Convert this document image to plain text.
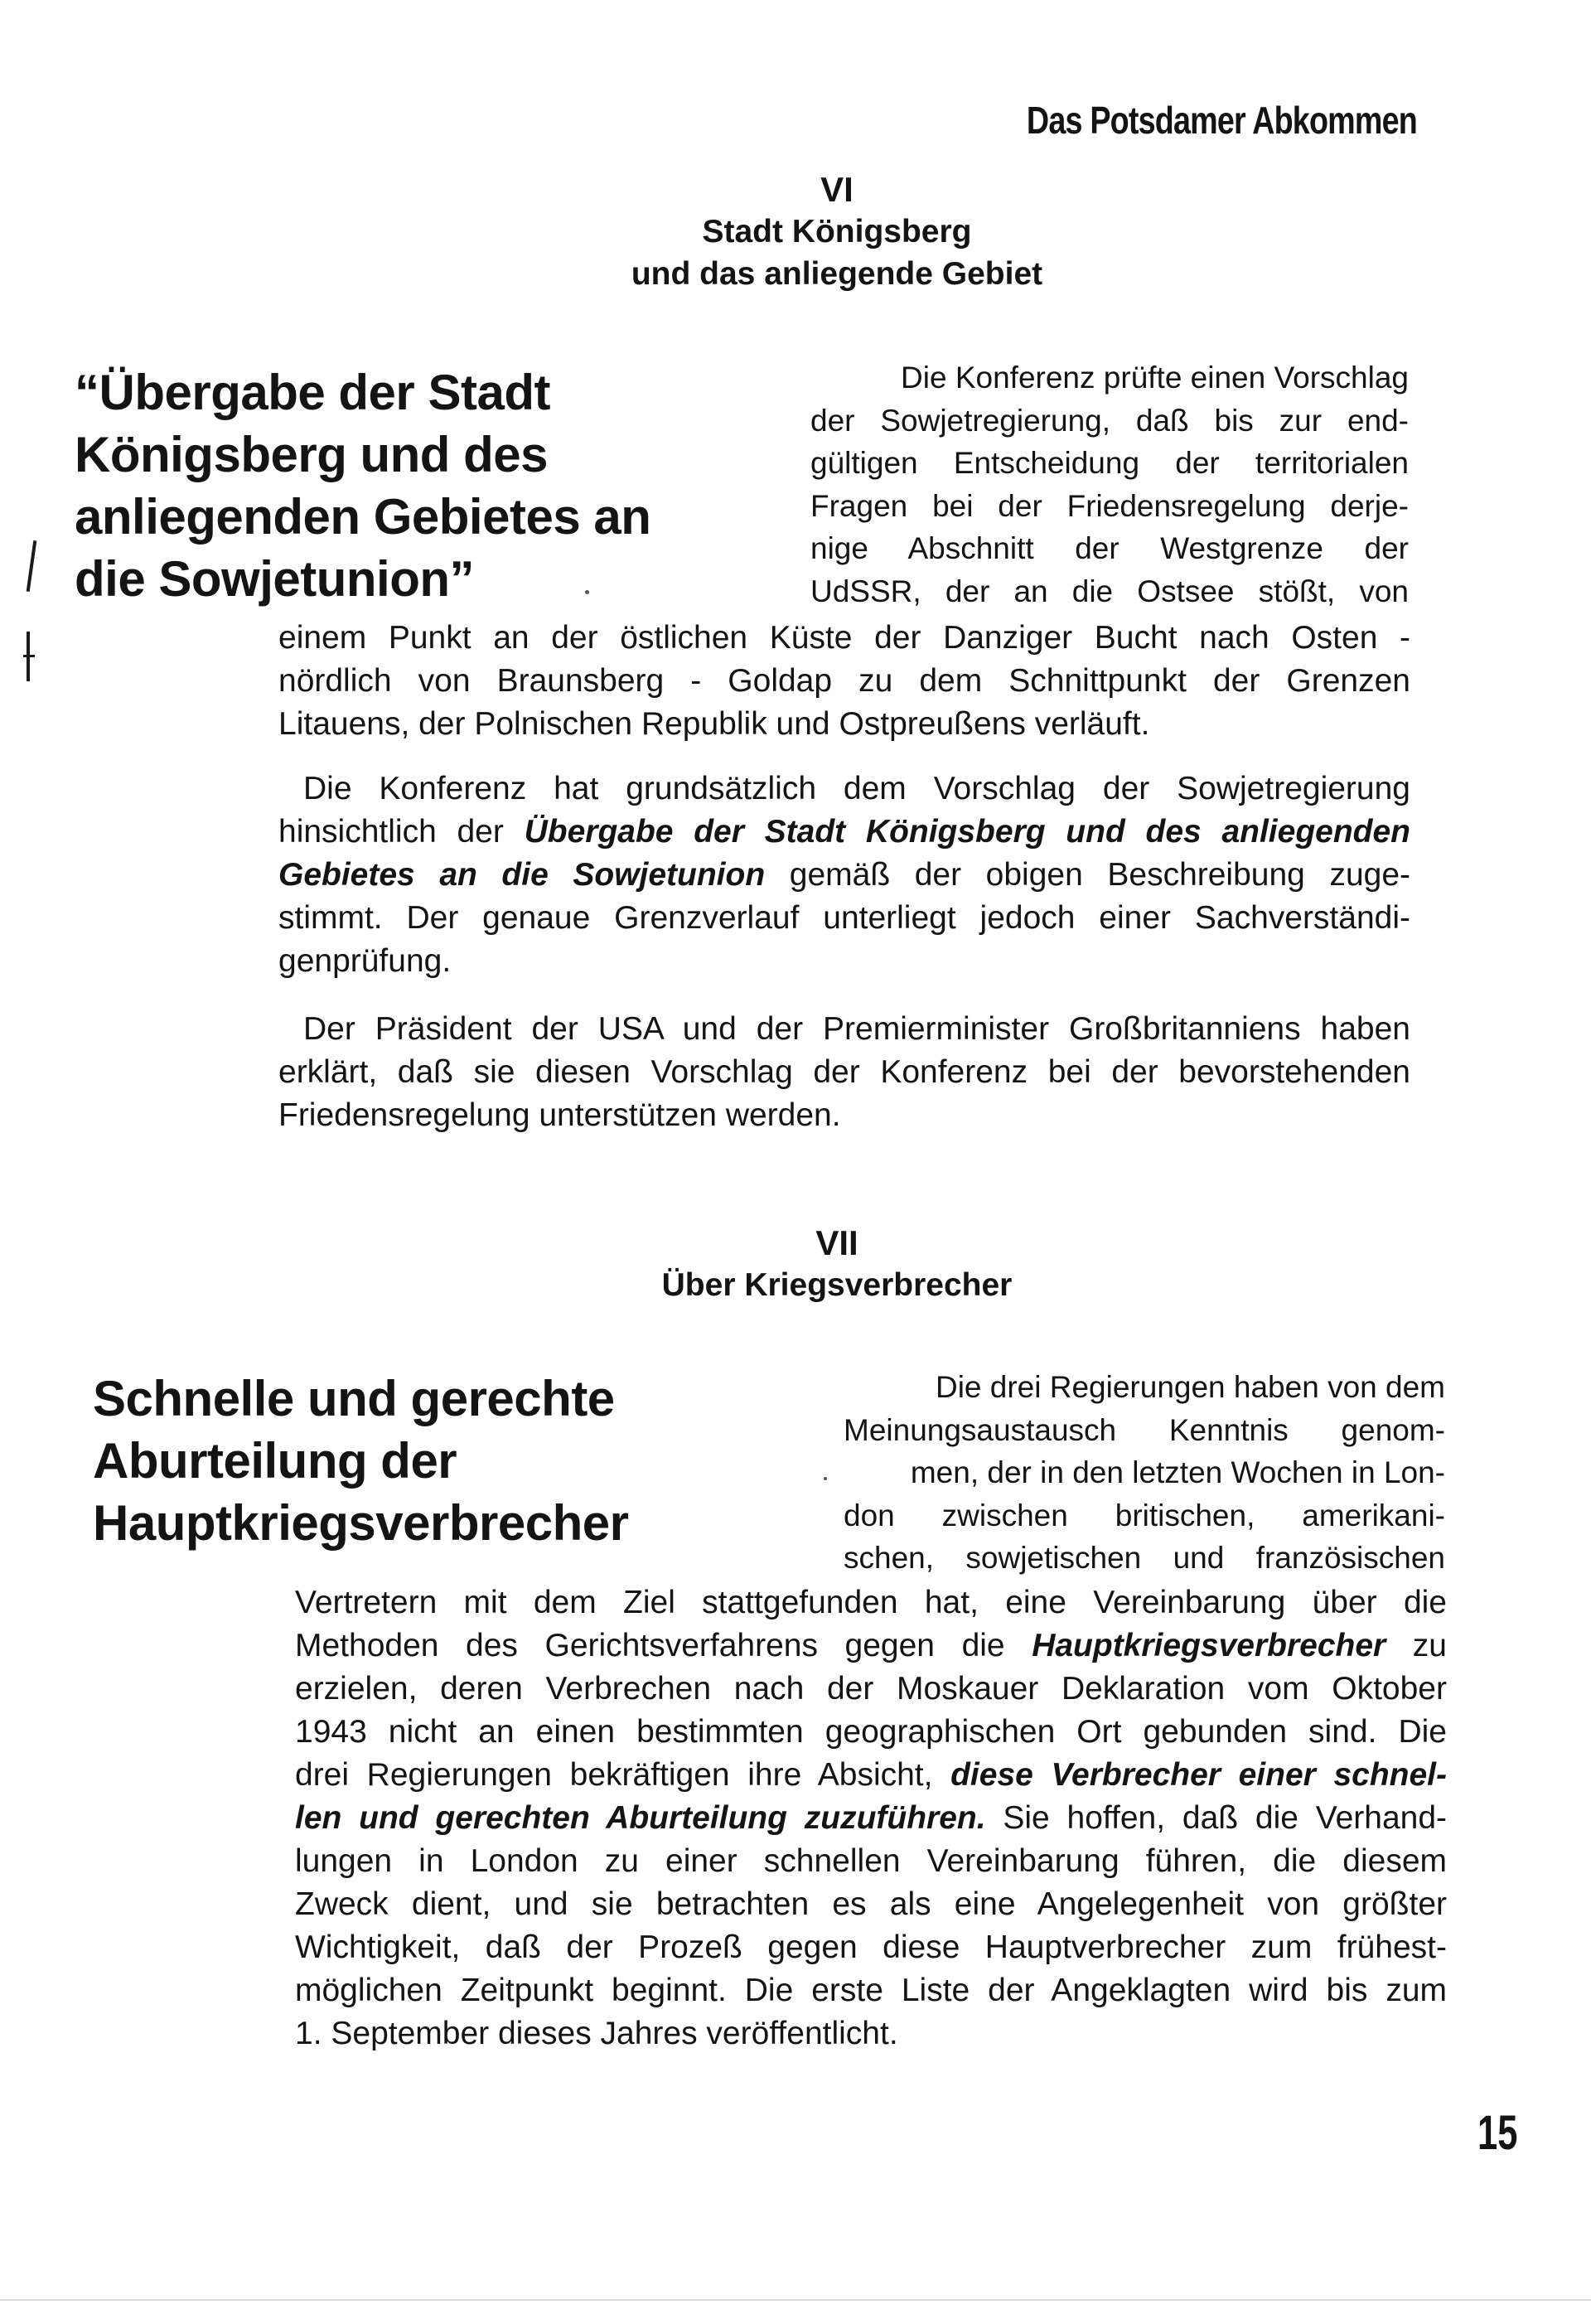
Das Potsdamer Abkommen
VI
Stadt Königsberg
und das anliegende Gebiet
“Übergabe der Stadt
Königsberg und des
anliegenden Gebietes an
die Sowjetunion”
Die Konferenz prüfte einen Vorschlag
der Sowjetregierung, daß bis zur end-
gültigen Entscheidung der territorialen
Fragen bei der Friedensregelung derje-
nige Abschnitt der Westgrenze der
UdSSR, der an die Ostsee stößt, von
einem Punkt an der östlichen Küste der Danziger Bucht nach Osten -
nördlich von Braunsberg - Goldap zu dem Schnittpunkt der Grenzen
Litauens, der Polnischen Republik und Ostpreußens verläuft.
Die Konferenz hat grundsätzlich dem Vorschlag der Sowjetregierung
hinsichtlich der Übergabe der Stadt Königsberg und des anliegenden
Gebietes an die Sowjetunion gemäß der obigen Beschreibung zuge-
stimmt. Der genaue Grenzverlauf unterliegt jedoch einer Sachverständi-
genprüfung.
Der Präsident der USA und der Premierminister Großbritanniens haben
erklärt, daß sie diesen Vorschlag der Konferenz bei der bevorstehenden
Friedensregelung unterstützen werden.
VII
Über Kriegsverbrecher
Schnelle und gerechte
Aburteilung der
Hauptkriegsverbrecher
Die drei Regierungen haben von dem
Meinungsaustausch Kenntnis genom-
men, der in den letzten Wochen in Lon-
don zwischen britischen, amerikani-
schen, sowjetischen und französischen
Vertretern mit dem Ziel stattgefunden hat, eine Vereinbarung über die
Methoden des Gerichtsverfahrens gegen die Hauptkriegsverbrecher zu
erzielen, deren Verbrechen nach der Moskauer Deklaration vom Oktober
1943 nicht an einen bestimmten geographischen Ort gebunden sind. Die
drei Regierungen bekräftigen ihre Absicht, diese Verbrecher einer schnel-
len und gerechten Aburteilung zuzuführen. Sie hoffen, daß die Verhand-
lungen in London zu einer schnellen Vereinbarung führen, die diesem
Zweck dient, und sie betrachten es als eine Angelegenheit von größter
Wichtigkeit, daß der Prozeß gegen diese Hauptverbrecher zum frühest-
möglichen Zeitpunkt beginnt. Die erste Liste der Angeklagten wird bis zum
1. September dieses Jahres veröffentlicht.
15
